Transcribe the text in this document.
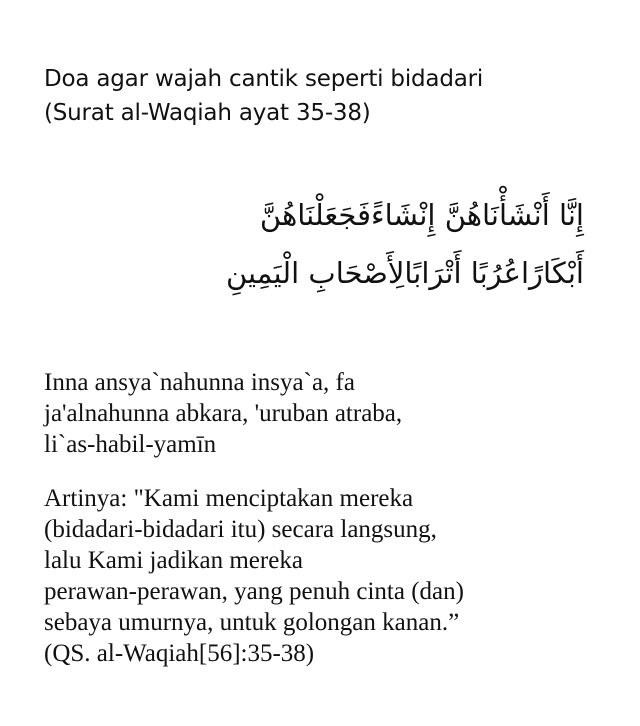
Doa agar wajah cantik seperti bidadari
(Surat al-Waqiah ayat 35-38)
إِنَّا أَنْشَأْنَاهُنَّ إِنْشَاءًفَجَعَلْنَاهُنَّ
أَبْكَارًاعُرُبًا أَتْرَابًالِأَصْحَابِ الْيَمِينِ
Inna ansya`nahunna insya`a, fa
ja'alnahunna abkara, 'uruban atraba,
li`as-habil-yamīn
Artinya: "Kami menciptakan mereka
(bidadari-bidadari itu) secara langsung,
lalu Kami jadikan mereka
perawan-perawan, yang penuh cinta (dan)
sebaya umurnya, untuk golongan kanan.”
(QS. al-Waqiah[56]:35-38)
